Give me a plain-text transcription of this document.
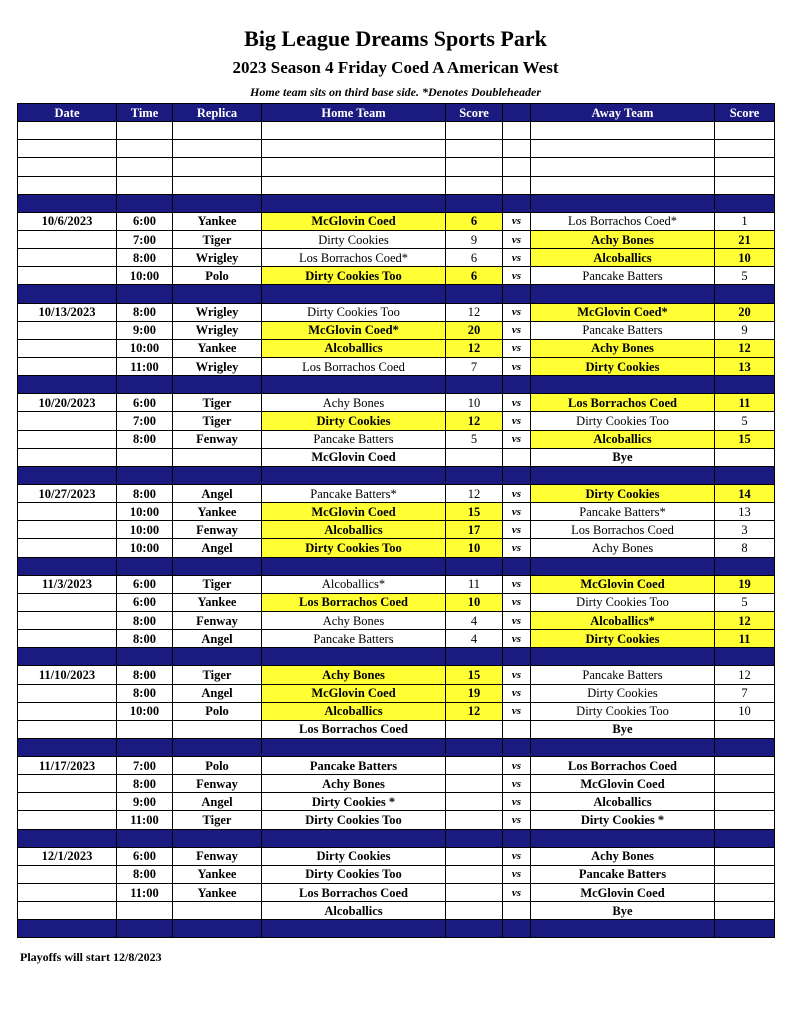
Big League Dreams Sports Park
2023 Season 4 Friday Coed A American West
Home team sits on third base side. *Denotes Doubleheader
Date	Time	Replica	Home Team	Score		Away Team	Score

10/6/2023	6:00	Yankee	McGlovin Coed	6	vs	Los Borrachos Coed*	1
	7:00	Tiger	Dirty Cookies	9	vs	Achy Bones	21
	8:00	Wrigley	Los Borrachos Coed*	6	vs	Alcoballics	10
	10:00	Polo	Dirty Cookies Too	6	vs	Pancake Batters	5

10/13/2023	8:00	Wrigley	Dirty Cookies Too	12	vs	McGlovin Coed*	20
	9:00	Wrigley	McGlovin Coed*	20	vs	Pancake Batters	9
	10:00	Yankee	Alcoballics	12	vs	Achy Bones	12
	11:00	Wrigley	Los Borrachos Coed	7	vs	Dirty Cookies	13

10/20/2023	6:00	Tiger	Achy Bones	10	vs	Los Borrachos Coed	11
	7:00	Tiger	Dirty Cookies	12	vs	Dirty Cookies Too	5
	8:00	Fenway	Pancake Batters	5	vs	Alcoballics	15
			McGlovin Coed			Bye	

10/27/2023	8:00	Angel	Pancake Batters*	12	vs	Dirty Cookies	14
	10:00	Yankee	McGlovin Coed	15	vs	Pancake Batters*	13
	10:00	Fenway	Alcoballics	17	vs	Los Borrachos Coed	3
	10:00	Angel	Dirty Cookies Too	10	vs	Achy Bones	8

11/3/2023	6:00	Tiger	Alcoballics*	11	vs	McGlovin Coed	19
	6:00	Yankee	Los Borrachos Coed	10	vs	Dirty Cookies Too	5
	8:00	Fenway	Achy Bones	4	vs	Alcoballics*	12
	8:00	Angel	Pancake Batters	4	vs	Dirty Cookies	11

11/10/2023	8:00	Tiger	Achy Bones	15	vs	Pancake Batters	12
	8:00	Angel	McGlovin Coed	19	vs	Dirty Cookies	7
	10:00	Polo	Alcoballics	12	vs	Dirty Cookies Too	10
			Los Borrachos Coed			Bye	

11/17/2023	7:00	Polo	Pancake Batters		vs	Los Borrachos Coed	
	8:00	Fenway	Achy Bones		vs	McGlovin Coed	
	9:00	Angel	Dirty Cookies *		vs	Alcoballics	
	11:00	Tiger	Dirty Cookies Too		vs	Dirty Cookies *	

12/1/2023	6:00	Fenway	Dirty Cookies		vs	Achy Bones	
	8:00	Yankee	Dirty Cookies Too		vs	Pancake Batters	
	11:00	Yankee	Los Borrachos Coed		vs	McGlovin Coed	
			Alcoballics			Bye	

Playoffs will start 12/8/2023
